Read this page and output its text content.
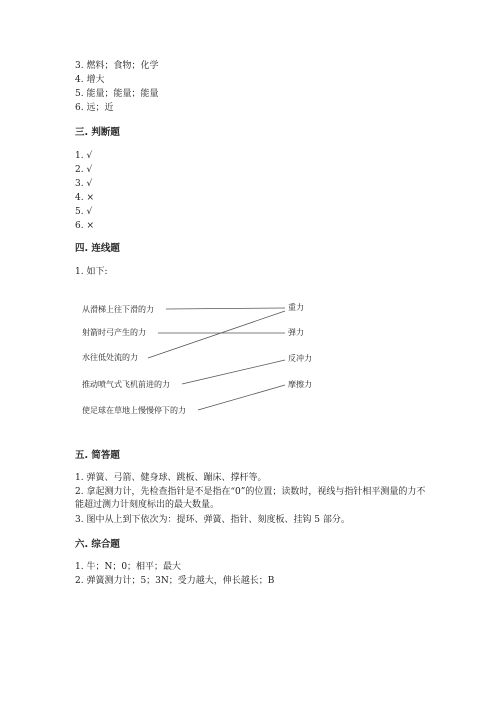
3. 燃料；食物；化学
4. 增大
5. 能量；能量；能量
6. 远；近
三. 判断题
1. √
2. √
3. √
4. ×
5. √
6. ×
四. 连线题
1. 如下:
从滑梯上往下滑的力
射箭时弓产生的力
水往低处流的力
推动喷气式飞机前进的力
使足球在草地上慢慢停下的力
重力
弹力
反冲力
摩擦力
五. 简答题
1. 弹簧、弓箭、健身球、跳板、蹦床、撑杆等。
2. 拿起测力计，先检查指针是不是指在“0”的位置；读数时，视线与指针相平测量的力不能超过测力计刻度标出的最大数量。
3. 图中从上到下依次为：提环、弹簧、指针、刻度板、挂钩 5 部分。
六. 综合题
1. 牛；N；0；相平；最大
2. 弹簧测力计；5；3N；受力越大，伸长越长；B
